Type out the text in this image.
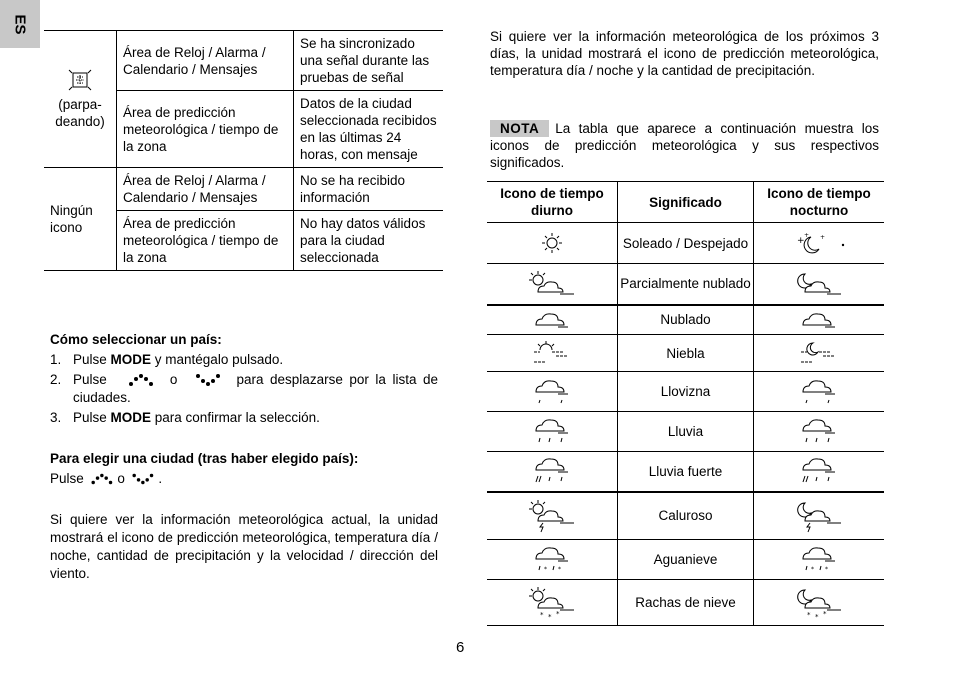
ES
(parpa-
deando)	Área de Reloj / Alarma / Calendario / Mensajes	Se ha sincronizado una señal durante las pruebas de señal
	Área de predicción meteorológica / tiempo de la zona	Datos de la ciudad seleccionada recibidos en las últimas 24 horas, con mensaje
Ningún
icono	Área de Reloj / Alarma / Calendario / Mensajes	No se ha recibido información
	Área de predicción meteorológica / tiempo de la zona	No hay datos válidos para la ciudad seleccionada
Cómo seleccionar un país:
1. Pulse MODE y mantégalo pulsado.
2. Pulse	o	para desplazarse por la lista de ciudades.
3. Pulse MODE para confirmar la selección.
Para elegir una ciudad (tras haber elegido país):
Pulse o .
Si quiere ver la información meteorológica actual, la unidad mostrará el icono de predicción meteorológica, temperatura día / noche, cantidad de precipitación y la velocidad / dirección del viento.
Si quiere ver la información meteorológica de los próximos 3 días, la unidad mostrará el icono de predicción meteorológica, temperatura día / noche y la cantidad de precipitación.
NOTA La tabla que aparece a continuación muestra los iconos de predicción meteorológica y sus respectivos significados.
Icono de tiempo diurno	Significado	Icono de tiempo nocturno

	Soleado / Despejado	+
+ +

	Parcialmente nublado	

	Nublado	

	Niebla	

	Llovizna	

	Lluvia	

	Lluvia fuerte	

	Caluroso	

* *	Aguanieve	* *

* * *	Rachas de nieve	* * *
6
